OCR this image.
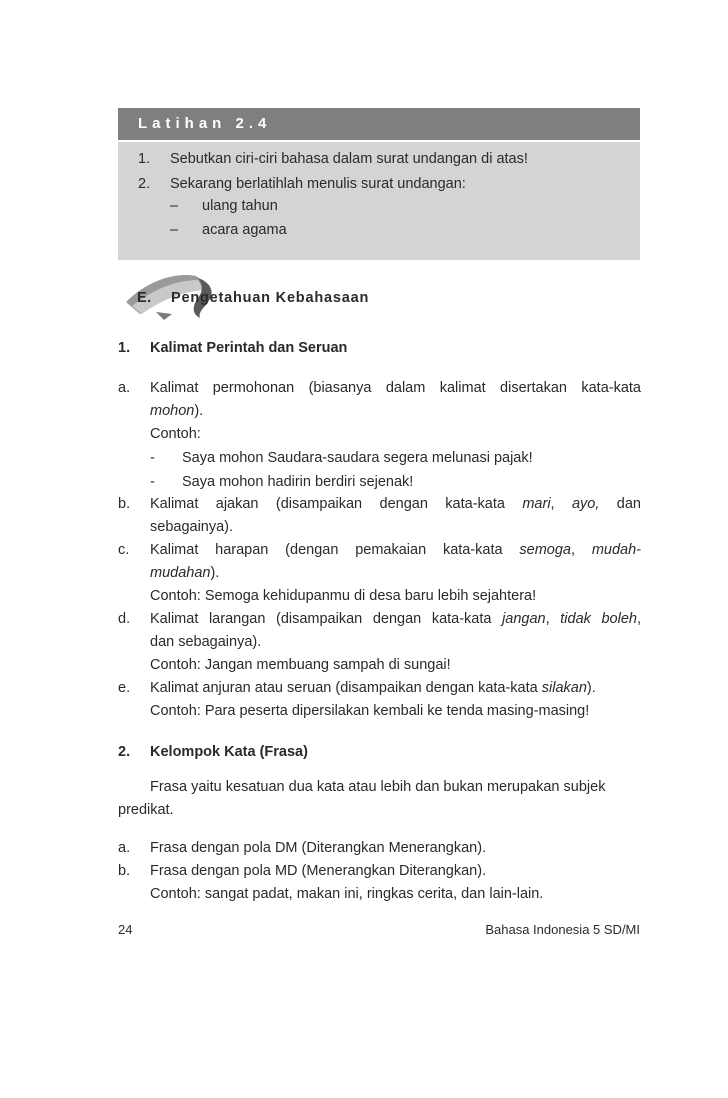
Latihan 2.4
1. Sebutkan ciri-ciri bahasa dalam surat undangan di atas!
2. Sekarang berlatihlah menulis surat undangan:
– ulang tahun
– acara agama
E. Pengetahuan Kebahasaan
1. Kalimat Perintah dan Seruan
a. Kalimat permohonan (biasanya dalam kalimat disertakan kata-kata
mohon).
Contoh:
- Saya mohon Saudara-saudara segera melunasi pajak!
- Saya mohon hadirin berdiri sejenak!
b. Kalimat ajakan (disampaikan dengan kata-kata mari, ayo, dan
sebagainya).
c. Kalimat harapan (dengan pemakaian kata-kata semoga, mudah-
mudahan).
Contoh: Semoga kehidupanmu di desa baru lebih sejahtera!
d. Kalimat larangan (disampaikan dengan kata-kata jangan, tidak boleh,
dan sebagainya).
Contoh: Jangan membuang sampah di sungai!
e. Kalimat anjuran atau seruan (disampaikan dengan kata-kata silakan).
Contoh: Para peserta dipersilakan kembali ke tenda masing-masing!
2. Kelompok Kata (Frasa)
Frasa yaitu kesatuan dua kata atau lebih dan bukan merupakan subjek
predikat.
a. Frasa dengan pola DM (Diterangkan Menerangkan).
b. Frasa dengan pola MD (Menerangkan Diterangkan).
Contoh: sangat padat, makan ini, ringkas cerita, dan lain-lain.
24	Bahasa Indonesia 5 SD/MI
